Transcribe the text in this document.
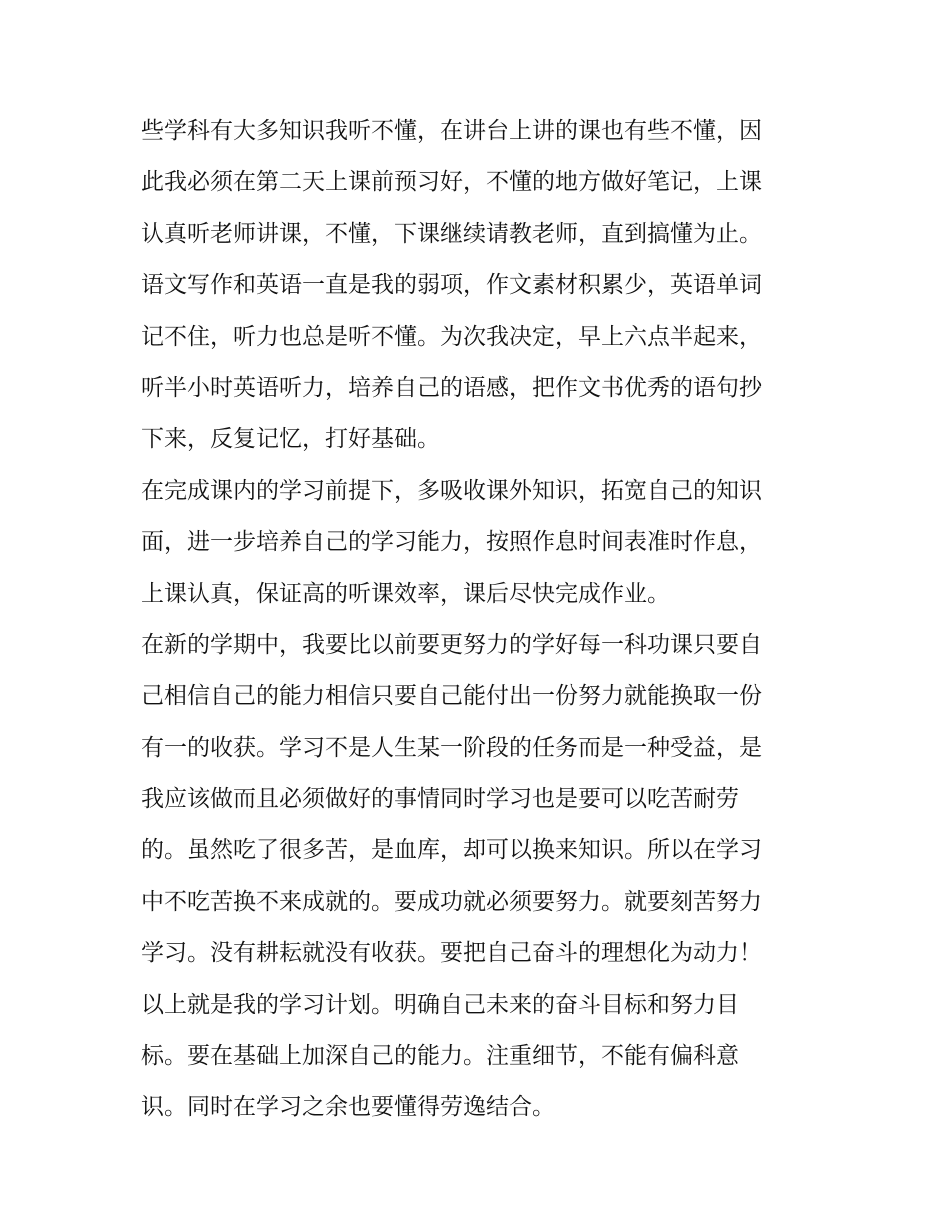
些学科有大多知识我听不懂，在讲台上讲的课也有些不懂，因
此我必须在第二天上课前预习好，不懂的地方做好笔记，上课
认真听老师讲课，不懂，下课继续请教老师，直到搞懂为止。
语文写作和英语一直是我的弱项，作文素材积累少，英语单词
记不住，听力也总是听不懂。为次我决定，早上六点半起来，
听半小时英语听力，培养自己的语感，把作文书优秀的语句抄
下来，反复记忆，打好基础。
在完成课内的学习前提下，多吸收课外知识，拓宽自己的知识
面，进一步培养自己的学习能力，按照作息时间表准时作息，
上课认真，保证高的听课效率，课后尽快完成作业。
在新的学期中，我要比以前要更努力的学好每一科功课只要自
己相信自己的能力相信只要自己能付出一份努力就能换取一份
有一的收获。学习不是人生某一阶段的任务而是一种受益，是
我应该做而且必须做好的事情同时学习也是要可以吃苦耐劳
的。虽然吃了很多苦，是血库，却可以换来知识。所以在学习
中不吃苦换不来成就的。要成功就必须要努力。就要刻苦努力
学习。没有耕耘就没有收获。要把自己奋斗的理想化为动力！
以上就是我的学习计划。明确自己未来的奋斗目标和努力目
标。要在基础上加深自己的能力。注重细节，不能有偏科意
识。同时在学习之余也要懂得劳逸结合。
